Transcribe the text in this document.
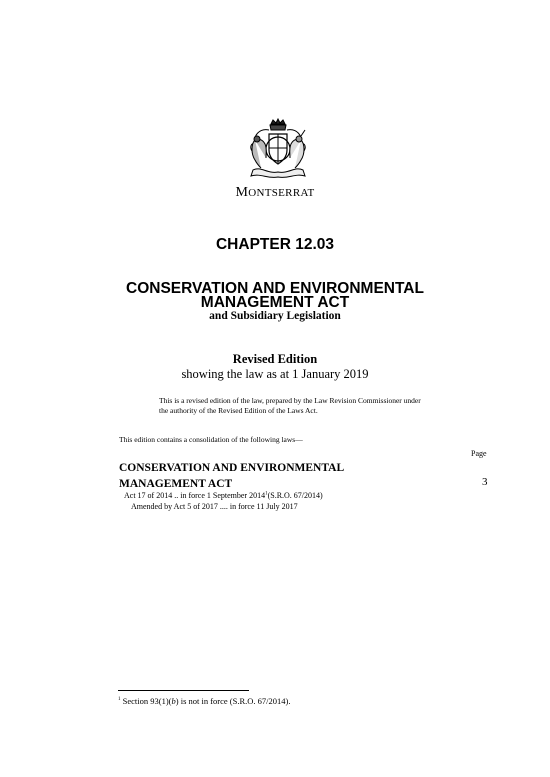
MONTSERRAT
CHAPTER 12.03
CONSERVATION AND ENVIRONMENTAL
MANAGEMENT ACT
and Subsidiary Legislation
Revised Edition
showing the law as at 1 January 2019
This is a revised edition of the law, prepared by the Law Revision Commissioner under
the authority of the Revised Edition of the Laws Act.
This edition contains a consolidation of the following laws—
Page
CONSERVATION AND ENVIRONMENTAL
MANAGEMENT ACT	3
Act 17 of 2014 .. in force 1 September 2014$^1$(S.R.O. 67/2014)
Amended by Act 5 of 2017 .... in force 11 July 2017
$^1$ Section 93(1)(b) is not in force (S.R.O. 67/2014).
